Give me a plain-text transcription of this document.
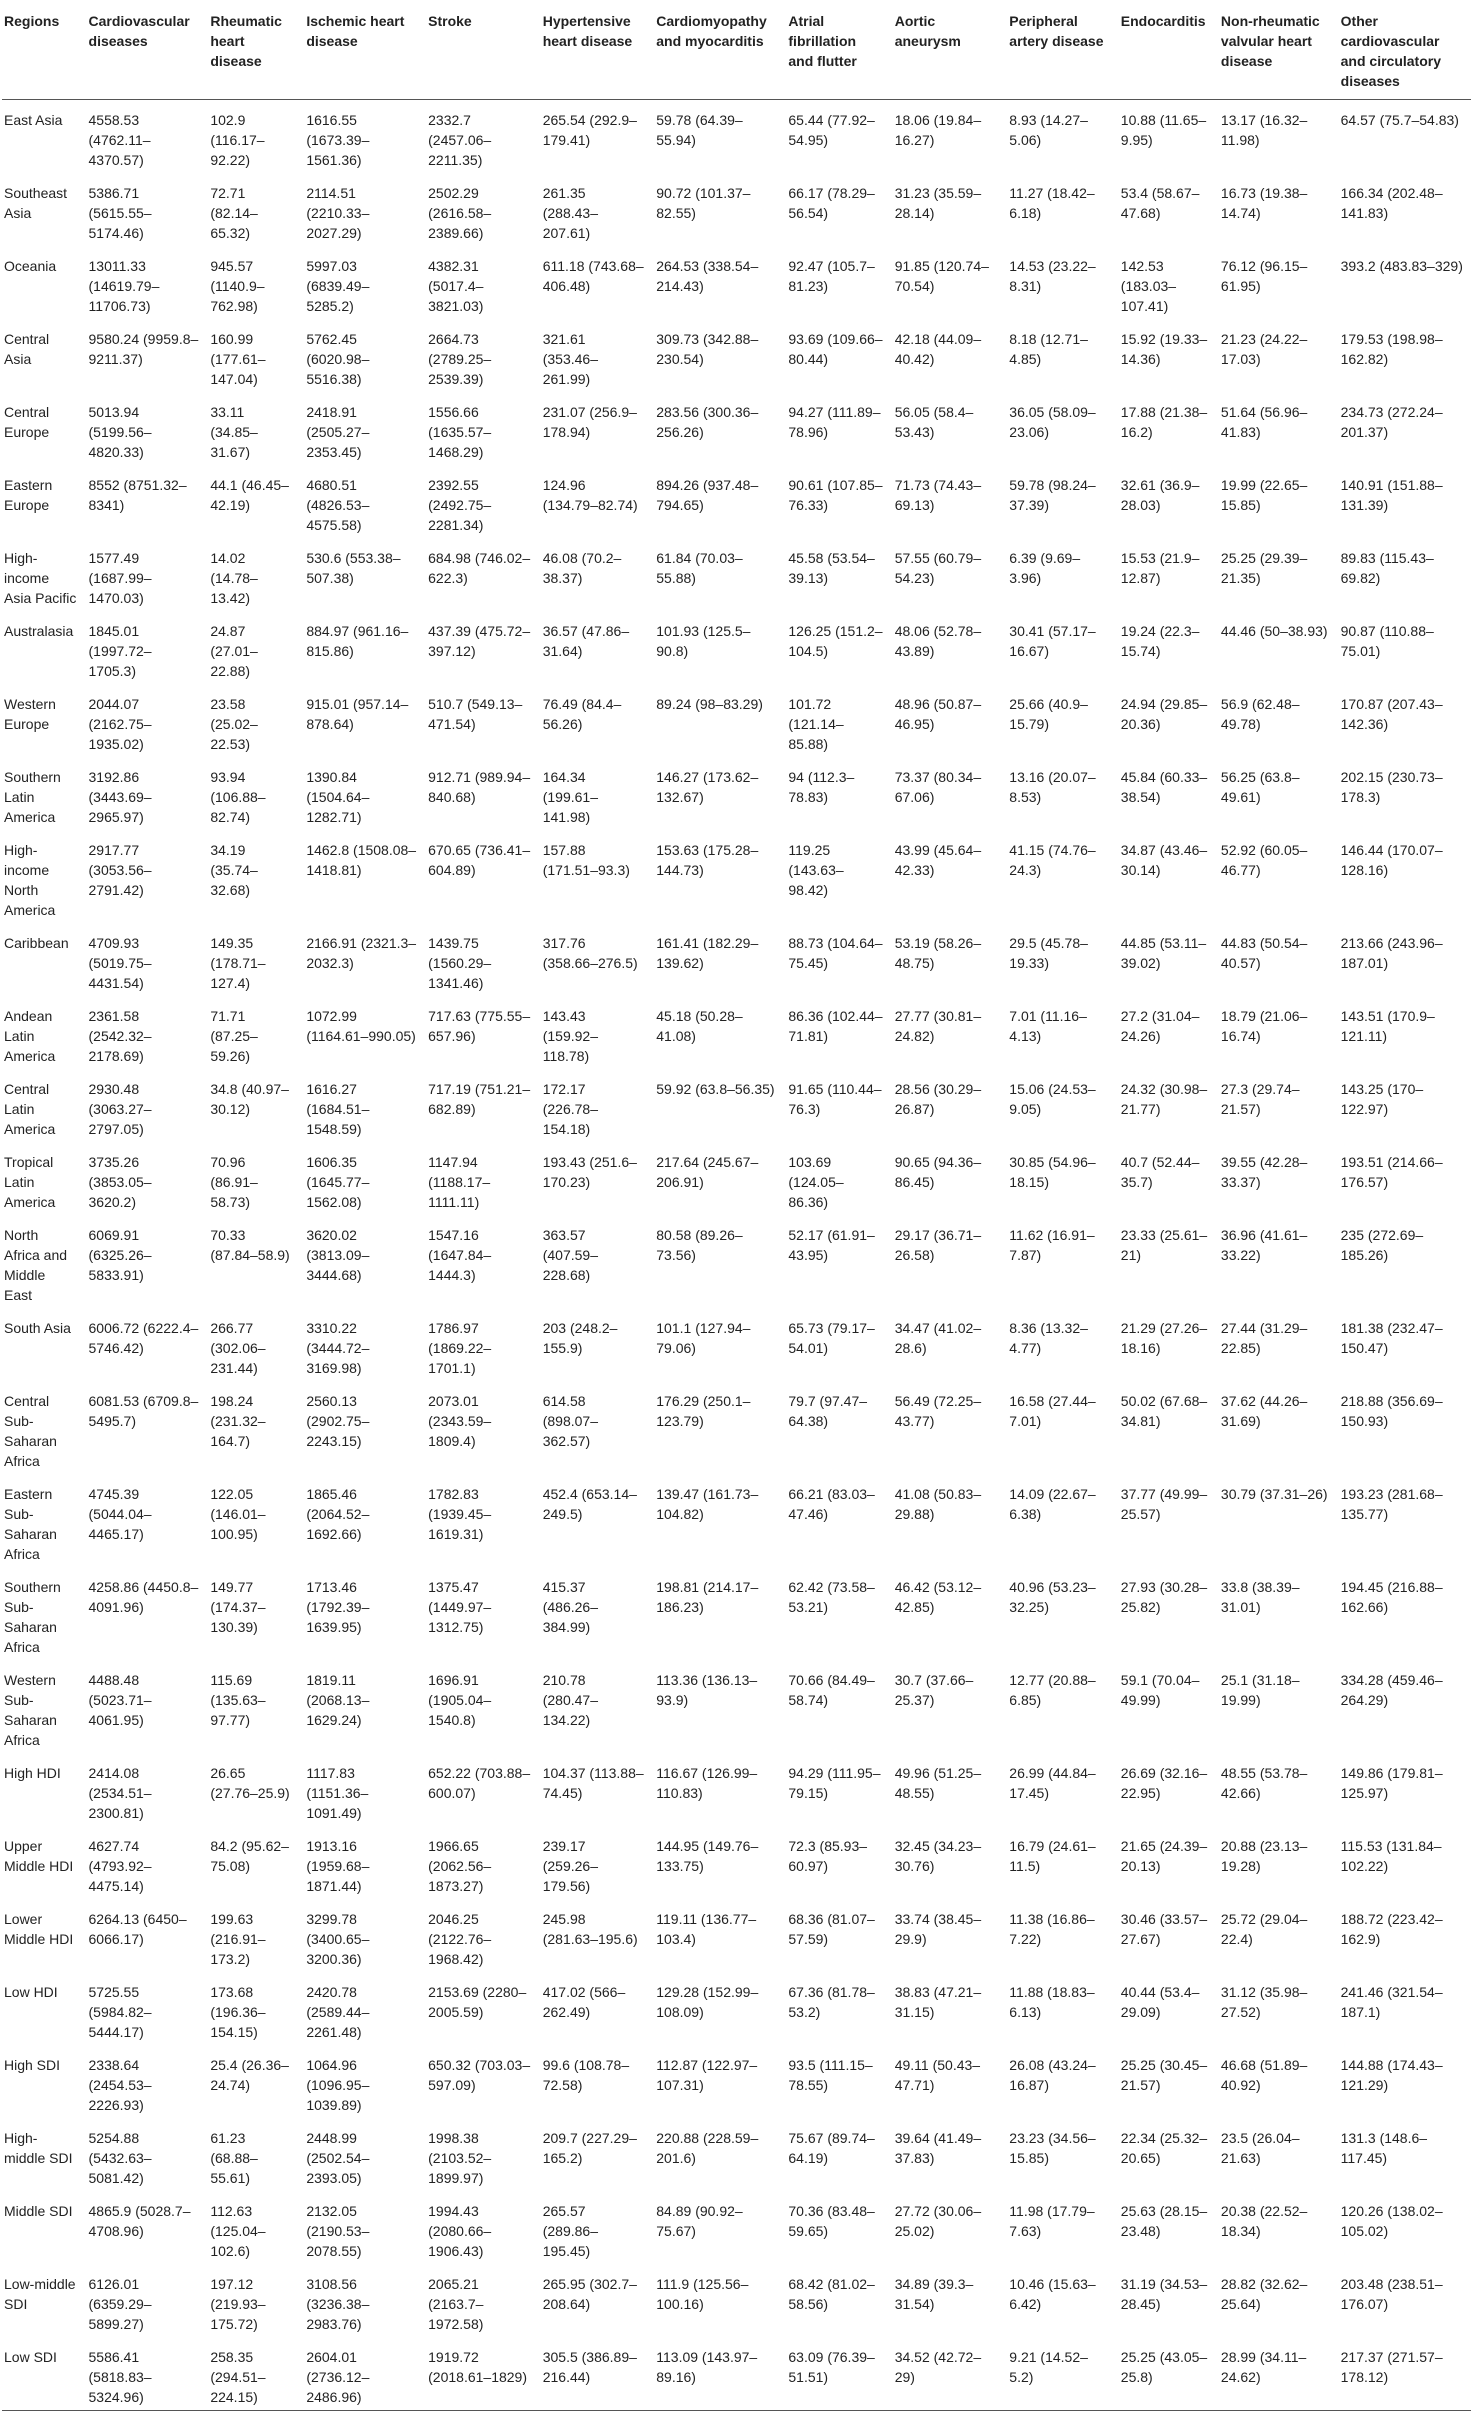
Regions	Cardiovascular diseases	Rheumatic heart disease	Ischemic heart disease	Stroke	Hypertensive heart disease	Cardiomyopathy and myocarditis	Atrial fibrillation and flutter	Aortic aneurysm	Peripheral artery disease	Endocarditis	Non-rheumatic valvular heart disease	Other cardiovascular and circulatory diseases
East Asia	4558.53 (4762.11–4370.57)	102.9 (116.17–92.22)	1616.55 (1673.39–1561.36)	2332.7 (2457.06–2211.35)	265.54 (292.9–179.41)	59.78 (64.39–55.94)	65.44 (77.92–54.95)	18.06 (19.84–16.27)	8.93 (14.27–5.06)	10.88 (11.65–9.95)	13.17 (16.32–11.98)	64.57 (75.7–54.83)
Southeast Asia	5386.71 (5615.55–5174.46)	72.71 (82.14–65.32)	2114.51 (2210.33–2027.29)	2502.29 (2616.58–2389.66)	261.35 (288.43–207.61)	90.72 (101.37–82.55)	66.17 (78.29–56.54)	31.23 (35.59–28.14)	11.27 (18.42–6.18)	53.4 (58.67–47.68)	16.73 (19.38–14.74)	166.34 (202.48–141.83)
Oceania	13011.33 (14619.79–11706.73)	945.57 (1140.9–762.98)	5997.03 (6839.49–5285.2)	4382.31 (5017.4–3821.03)	611.18 (743.68–406.48)	264.53 (338.54–214.43)	92.47 (105.7–81.23)	91.85 (120.74–70.54)	14.53 (23.22–8.31)	142.53 (183.03–107.41)	76.12 (96.15–61.95)	393.2 (483.83–329)
Central Asia	9580.24 (9959.8–9211.37)	160.99 (177.61–147.04)	5762.45 (6020.98–5516.38)	2664.73 (2789.25–2539.39)	321.61 (353.46–261.99)	309.73 (342.88–230.54)	93.69 (109.66–80.44)	42.18 (44.09–40.42)	8.18 (12.71–4.85)	15.92 (19.33–14.36)	21.23 (24.22–17.03)	179.53 (198.98–162.82)
Central Europe	5013.94 (5199.56–4820.33)	33.11 (34.85–31.67)	2418.91 (2505.27–2353.45)	1556.66 (1635.57–1468.29)	231.07 (256.9–178.94)	283.56 (300.36–256.26)	94.27 (111.89–78.96)	56.05 (58.4–53.43)	36.05 (58.09–23.06)	17.88 (21.38–16.2)	51.64 (56.96–41.83)	234.73 (272.24–201.37)
Eastern Europe	8552 (8751.32–8341)	44.1 (46.45–42.19)	4680.51 (4826.53–4575.58)	2392.55 (2492.75–2281.34)	124.96 (134.79–82.74)	894.26 (937.48–794.65)	90.61 (107.85–76.33)	71.73 (74.43–69.13)	59.78 (98.24–37.39)	32.61 (36.9–28.03)	19.99 (22.65–15.85)	140.91 (151.88–131.39)
High-income Asia Pacific	1577.49 (1687.99–1470.03)	14.02 (14.78–13.42)	530.6 (553.38–507.38)	684.98 (746.02–622.3)	46.08 (70.2–38.37)	61.84 (70.03–55.88)	45.58 (53.54–39.13)	57.55 (60.79–54.23)	6.39 (9.69–3.96)	15.53 (21.9–12.87)	25.25 (29.39–21.35)	89.83 (115.43–69.82)
Australasia	1845.01 (1997.72–1705.3)	24.87 (27.01–22.88)	884.97 (961.16–815.86)	437.39 (475.72–397.12)	36.57 (47.86–31.64)	101.93 (125.5–90.8)	126.25 (151.2–104.5)	48.06 (52.78–43.89)	30.41 (57.17–16.67)	19.24 (22.3–15.74)	44.46 (50–38.93)	90.87 (110.88–75.01)
Western Europe	2044.07 (2162.75–1935.02)	23.58 (25.02–22.53)	915.01 (957.14–878.64)	510.7 (549.13–471.54)	76.49 (84.4–56.26)	89.24 (98–83.29)	101.72 (121.14–85.88)	48.96 (50.87–46.95)	25.66 (40.9–15.79)	24.94 (29.85–20.36)	56.9 (62.48–49.78)	170.87 (207.43–142.36)
Southern Latin America	3192.86 (3443.69–2965.97)	93.94 (106.88–82.74)	1390.84 (1504.64–1282.71)	912.71 (989.94–840.68)	164.34 (199.61–141.98)	146.27 (173.62–132.67)	94 (112.3–78.83)	73.37 (80.34–67.06)	13.16 (20.07–8.53)	45.84 (60.33–38.54)	56.25 (63.8–49.61)	202.15 (230.73–178.3)
High-income North America	2917.77 (3053.56–2791.42)	34.19 (35.74–32.68)	1462.8 (1508.08–1418.81)	670.65 (736.41–604.89)	157.88 (171.51–93.3)	153.63 (175.28–144.73)	119.25 (143.63–98.42)	43.99 (45.64–42.33)	41.15 (74.76–24.3)	34.87 (43.46–30.14)	52.92 (60.05–46.77)	146.44 (170.07–128.16)
Caribbean	4709.93 (5019.75–4431.54)	149.35 (178.71–127.4)	2166.91 (2321.3–2032.3)	1439.75 (1560.29–1341.46)	317.76 (358.66–276.5)	161.41 (182.29–139.62)	88.73 (104.64–75.45)	53.19 (58.26–48.75)	29.5 (45.78–19.33)	44.85 (53.11–39.02)	44.83 (50.54–40.57)	213.66 (243.96–187.01)
Andean Latin America	2361.58 (2542.32–2178.69)	71.71 (87.25–59.26)	1072.99 (1164.61–990.05)	717.63 (775.55–657.96)	143.43 (159.92–118.78)	45.18 (50.28–41.08)	86.36 (102.44–71.81)	27.77 (30.81–24.82)	7.01 (11.16–4.13)	27.2 (31.04–24.26)	18.79 (21.06–16.74)	143.51 (170.9–121.11)
Central Latin America	2930.48 (3063.27–2797.05)	34.8 (40.97–30.12)	1616.27 (1684.51–1548.59)	717.19 (751.21–682.89)	172.17 (226.78–154.18)	59.92 (63.8–56.35)	91.65 (110.44–76.3)	28.56 (30.29–26.87)	15.06 (24.53–9.05)	24.32 (30.98–21.77)	27.3 (29.74–21.57)	143.25 (170–122.97)
Tropical Latin America	3735.26 (3853.05–3620.2)	70.96 (86.91–58.73)	1606.35 (1645.77–1562.08)	1147.94 (1188.17–1111.11)	193.43 (251.6–170.23)	217.64 (245.67–206.91)	103.69 (124.05–86.36)	90.65 (94.36–86.45)	30.85 (54.96–18.15)	40.7 (52.44–35.7)	39.55 (42.28–33.37)	193.51 (214.66–176.57)
North Africa and Middle East	6069.91 (6325.26–5833.91)	70.33 (87.84–58.9)	3620.02 (3813.09–3444.68)	1547.16 (1647.84–1444.3)	363.57 (407.59–228.68)	80.58 (89.26–73.56)	52.17 (61.91–43.95)	29.17 (36.71–26.58)	11.62 (16.91–7.87)	23.33 (25.61–21)	36.96 (41.61–33.22)	235 (272.69–185.26)
South Asia	6006.72 (6222.4–5746.42)	266.77 (302.06–231.44)	3310.22 (3444.72–3169.98)	1786.97 (1869.22–1701.1)	203 (248.2–155.9)	101.1 (127.94–79.06)	65.73 (79.17–54.01)	34.47 (41.02–28.6)	8.36 (13.32–4.77)	21.29 (27.26–18.16)	27.44 (31.29–22.85)	181.38 (232.47–150.47)
Central Sub-Saharan Africa	6081.53 (6709.8–5495.7)	198.24 (231.32–164.7)	2560.13 (2902.75–2243.15)	2073.01 (2343.59–1809.4)	614.58 (898.07–362.57)	176.29 (250.1–123.79)	79.7 (97.47–64.38)	56.49 (72.25–43.77)	16.58 (27.44–7.01)	50.02 (67.68–34.81)	37.62 (44.26–31.69)	218.88 (356.69–150.93)
Eastern Sub-Saharan Africa	4745.39 (5044.04–4465.17)	122.05 (146.01–100.95)	1865.46 (2064.52–1692.66)	1782.83 (1939.45–1619.31)	452.4 (653.14–249.5)	139.47 (161.73–104.82)	66.21 (83.03–47.46)	41.08 (50.83–29.88)	14.09 (22.67–6.38)	37.77 (49.99–25.57)	30.79 (37.31–26)	193.23 (281.68–135.77)
Southern Sub-Saharan Africa	4258.86 (4450.8–4091.96)	149.77 (174.37–130.39)	1713.46 (1792.39–1639.95)	1375.47 (1449.97–1312.75)	415.37 (486.26–384.99)	198.81 (214.17–186.23)	62.42 (73.58–53.21)	46.42 (53.12–42.85)	40.96 (53.23–32.25)	27.93 (30.28–25.82)	33.8 (38.39–31.01)	194.45 (216.88–162.66)
Western Sub-Saharan Africa	4488.48 (5023.71–4061.95)	115.69 (135.63–97.77)	1819.11 (2068.13–1629.24)	1696.91 (1905.04–1540.8)	210.78 (280.47–134.22)	113.36 (136.13–93.9)	70.66 (84.49–58.74)	30.7 (37.66–25.37)	12.77 (20.88–6.85)	59.1 (70.04–49.99)	25.1 (31.18–19.99)	334.28 (459.46–264.29)
High HDI	2414.08 (2534.51–2300.81)	26.65 (27.76–25.9)	1117.83 (1151.36–1091.49)	652.22 (703.88–600.07)	104.37 (113.88–74.45)	116.67 (126.99–110.83)	94.29 (111.95–79.15)	49.96 (51.25–48.55)	26.99 (44.84–17.45)	26.69 (32.16–22.95)	48.55 (53.78–42.66)	149.86 (179.81–125.97)
Upper Middle HDI	4627.74 (4793.92–4475.14)	84.2 (95.62–75.08)	1913.16 (1959.68–1871.44)	1966.65 (2062.56–1873.27)	239.17 (259.26–179.56)	144.95 (149.76–133.75)	72.3 (85.93–60.97)	32.45 (34.23–30.76)	16.79 (24.61–11.5)	21.65 (24.39–20.13)	20.88 (23.13–19.28)	115.53 (131.84–102.22)
Lower Middle HDI	6264.13 (6450–6066.17)	199.63 (216.91–173.2)	3299.78 (3400.65–3200.36)	2046.25 (2122.76–1968.42)	245.98 (281.63–195.6)	119.11 (136.77–103.4)	68.36 (81.07–57.59)	33.74 (38.45–29.9)	11.38 (16.86–7.22)	30.46 (33.57–27.67)	25.72 (29.04–22.4)	188.72 (223.42–162.9)
Low HDI	5725.55 (5984.82–5444.17)	173.68 (196.36–154.15)	2420.78 (2589.44–2261.48)	2153.69 (2280–2005.59)	417.02 (566–262.49)	129.28 (152.99–108.09)	67.36 (81.78–53.2)	38.83 (47.21–31.15)	11.88 (18.83–6.13)	40.44 (53.4–29.09)	31.12 (35.98–27.52)	241.46 (321.54–187.1)
High SDI	2338.64 (2454.53–2226.93)	25.4 (26.36–24.74)	1064.96 (1096.95–1039.89)	650.32 (703.03–597.09)	99.6 (108.78–72.58)	112.87 (122.97–107.31)	93.5 (111.15–78.55)	49.11 (50.43–47.71)	26.08 (43.24–16.87)	25.25 (30.45–21.57)	46.68 (51.89–40.92)	144.88 (174.43–121.29)
High-middle SDI	5254.88 (5432.63–5081.42)	61.23 (68.88–55.61)	2448.99 (2502.54–2393.05)	1998.38 (2103.52–1899.97)	209.7 (227.29–165.2)	220.88 (228.59–201.6)	75.67 (89.74–64.19)	39.64 (41.49–37.83)	23.23 (34.56–15.85)	22.34 (25.32–20.65)	23.5 (26.04–21.63)	131.3 (148.6–117.45)
Middle SDI	4865.9 (5028.7–4708.96)	112.63 (125.04–102.6)	2132.05 (2190.53–2078.55)	1994.43 (2080.66–1906.43)	265.57 (289.86–195.45)	84.89 (90.92–75.67)	70.36 (83.48–59.65)	27.72 (30.06–25.02)	11.98 (17.79–7.63)	25.63 (28.15–23.48)	20.38 (22.52–18.34)	120.26 (138.02–105.02)
Low-middle SDI	6126.01 (6359.29–5899.27)	197.12 (219.93–175.72)	3108.56 (3236.38–2983.76)	2065.21 (2163.7–1972.58)	265.95 (302.7–208.64)	111.9 (125.56–100.16)	68.42 (81.02–58.56)	34.89 (39.3–31.54)	10.46 (15.63–6.42)	31.19 (34.53–28.45)	28.82 (32.62–25.64)	203.48 (238.51–176.07)
Low SDI	5586.41 (5818.83–5324.96)	258.35 (294.51–224.15)	2604.01 (2736.12–2486.96)	1919.72 (2018.61–1829)	305.5 (386.89–216.44)	113.09 (143.97–89.16)	63.09 (76.39–51.51)	34.52 (42.72–29)	9.21 (14.52–5.2)	25.25 (43.05–25.8)	28.99 (34.11–24.62)	217.37 (271.57–178.12)
